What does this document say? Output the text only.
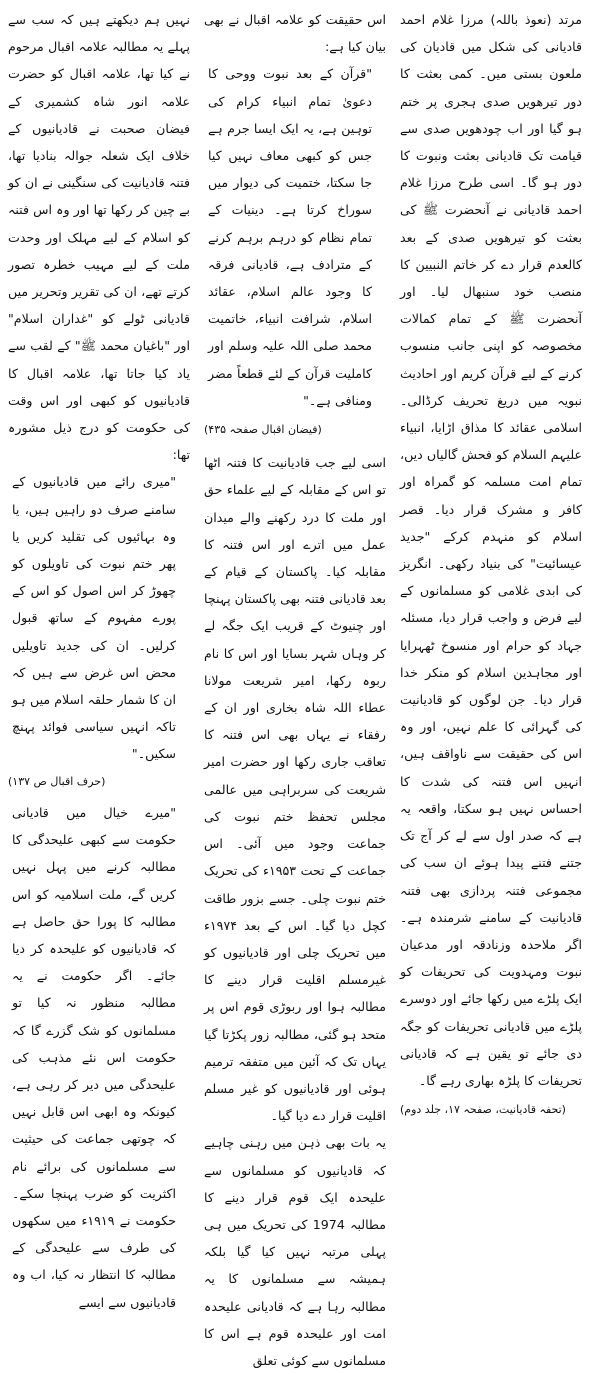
مرتد (نعوذ باللہ) مرزا غلام احمد قادیانی کی شکل میں قادیان کی ملعون بستی میں۔ کمی بعثت کا دور تیرھویں صدی ہجری پر ختم ہو گیا اور اب چودھویں صدی سے قیامت تک قادیانی بعثت ونبوت کا دور ہو گا۔ اسی طرح مرزا غلام احمد قادیانی نے آنحضرت ﷺ کی بعثت کو تیرھویں صدی کے بعد کالعدم قرار دے کر خاتم النبیین کا منصب خود سنبھال لیا۔ اور آنحضرت ﷺ کے تمام کمالات مخصوصہ کو اپنی جانب منسوب کرنے کے لیے قرآن کریم اور احادیث نبویہ میں دریغ تحریف کرڈالی۔ اسلامی عقائد کا مذاق اڑایا، انبیاء علیہم السلام کو فحش گالیاں دیں، تمام امت مسلمہ کو گمراہ اور کافر و مشرک قرار دیا۔ قصر اسلام کو منہدم کرکے "جدید عیسائیت" کی بنیاد رکھی۔ انگریز کی ابدی غلامی کو مسلمانوں کے لیے فرض و واجب قرار دیا، مسئلہ جہاد کو حرام اور منسوخ ٹھہرایا اور مجاہدین اسلام کو منکر خدا قرار دیا۔ جن لوگوں کو قادیانیت کی گہرائی کا علم نہیں، اور وہ اس کی حقیقت سے ناواقف ہیں، انہیں اس فتنہ کی شدت کا احساس نہیں ہو سکتا، واقعہ یہ ہے کہ صدر اول سے لے کر آج تک جتنے فتنے پیدا ہوئے ان سب کی مجموعی فتنہ پردازی بھی فتنہ قادیانیت کے سامنے شرمندہ ہے۔ اگر ملاحدہ وزنادقہ اور مدعیان نبوت ومہدویت کی تحریفات کو ایک پلڑے میں رکھا جائے اور دوسرے پلڑے میں قادیانی تحریفات کو جگہ دی جائے تو یقین ہے کہ قادیانی تحریفات کا پلڑہ بھاری رہے گا۔

(تحفہ قادیانیت، صفحہ ۱۷، جلد دوم)

اس حقیقت کو علامہ اقبال نے بھی بیان کیا ہے:

"قرآن کے بعد نبوت ووحی کا دعویٰ تمام انبیاء کرام کی توہین ہے، یہ ایک ایسا جرم ہے جس کو کبھی معاف نہیں کیا جا سکتا، ختمیت کی دیوار میں سوراخ کرتا ہے۔ دینیات کے تمام نظام کو درہم برہم کرنے کے مترادف ہے، قادیانی فرقہ کا وجود عالم اسلام، عقائد اسلام، شرافت انبیاء، خاتمیت محمد صلی اللہ علیہ وسلم اور کاملیت قرآن کے لئے قطعاً مضر ومنافی ہے۔"

(فیضان اقبال صفحہ ۴۳۵)

اسی لیے جب قادیانیت کا فتنہ اٹھا تو اس کے مقابلہ کے لیے علماء حق اور ملت کا درد رکھنے والے میدان عمل میں اترے اور اس فتنہ کا مقابلہ کیا۔ پاکستان کے قیام کے بعد قادیانی فتنہ بھی پاکستان پہنچا اور چنیوٹ کے قریب ایک جگہ لے کر وہاں شہر بسایا اور اس کا نام ربوہ رکھا، امیر شریعت مولانا عطاء اللہ شاہ بخاری اور ان کے رفقاء نے یہاں بھی اس فتنہ کا تعاقب جاری رکھا اور حضرت امیر شریعت کی سربراہی میں عالمی مجلس تحفظ ختم نبوت کی جماعت وجود میں آئی۔ اس جماعت کے تحت ۱۹۵۳ء کی تحریک ختم نبوت چلی۔ جسے بزور طاقت کچل دیا گیا۔ اس کے بعد ۱۹۷۴ء میں تحریک چلی اور قادیانیوں کو غیرمسلم اقلیت قرار دینے کا مطالبہ ہوا اور ربوڑی قوم اس پر متحد ہو گئی، مطالبہ زور پکڑتا گیا یہاں تک کہ آئین میں متفقہ ترمیم ہوئی اور قادیانیوں کو غیر مسلم اقلیت قرار دے دیا گیا۔

یہ بات بھی ذہن میں رہنی چاہیے کہ قادیانیوں کو مسلمانوں سے علیحدہ ایک قوم قرار دینے کا مطالبہ 1974 کی تحریک میں ہی پہلی مرتبہ نہیں کیا گیا بلکہ ہمیشہ سے مسلمانوں کا یہ مطالبہ رہا ہے کہ قادیانی علیحدہ امت اور علیحدہ قوم ہے اس کا مسلمانوں سے کوئی تعلق

نہیں ہم دیکھتے ہیں کہ سب سے پہلے یہ مطالبہ علامہ اقبال مرحوم نے کیا تھا، علامہ اقبال کو حضرت علامہ انور شاہ کشمیری کے فیضان صحبت نے قادیانیوں کے خلاف ایک شعلہ جوالہ بنادیا تھا، فتنہ قادیانیت کی سنگینی نے ان کو بے چین کر رکھا تھا اور وہ اس فتنہ کو اسلام کے لیے مہلک اور وحدت ملت کے لیے مہیب خطرہ تصور کرتے تھے، ان کی تقریر وتحریر میں قادیانی ٹولے کو "غداران اسلام" اور "باغیان محمد ﷺ" کے لقب سے یاد کیا جاتا تھا، علامہ اقبال کا قادیانیوں کو کبھی اور اس وقت کی حکومت کو درج ذیل مشورہ تھا:

"میری رائے میں قادیانیوں کے سامنے صرف دو راہیں ہیں، یا وہ بہائیوں کی تقلید کریں یا پھر ختم نبوت کی تاویلوں کو چھوڑ کر اس اصول کو اس کے پورے مفہوم کے ساتھ قبول کرلیں۔ ان کی جدید تاویلیں محض اس غرض سے ہیں کہ ان کا شمار حلقہ اسلام میں ہو تاکہ انہیں سیاسی فوائد پہنچ سکیں۔"

(حرف اقبال ص ۱۳۷)

"میرے خیال میں قادیانی حکومت سے کبھی علیحدگی کا مطالبہ کرنے میں پہل نہیں کریں گے، ملت اسلامیہ کو اس مطالبہ کا پورا حق حاصل ہے کہ قادیانیوں کو علیحدہ کر دیا جائے۔ اگر حکومت نے یہ مطالبہ منظور نہ کیا تو مسلمانوں کو شک گزرے گا کہ حکومت اس نئے مذہب کی علیحدگی میں دیر کر رہی ہے، کیونکہ وہ ابھی اس قابل نہیں کہ چوتھی جماعت کی حیثیت سے مسلمانوں کی برائے نام اکثریت کو ضرب پہنچا سکے۔ حکومت نے ۱۹۱۹ء میں سکھوں کی طرف سے علیحدگی کے مطالبہ کا انتظار نہ کیا، اب وہ قادیانیوں سے ایسے
